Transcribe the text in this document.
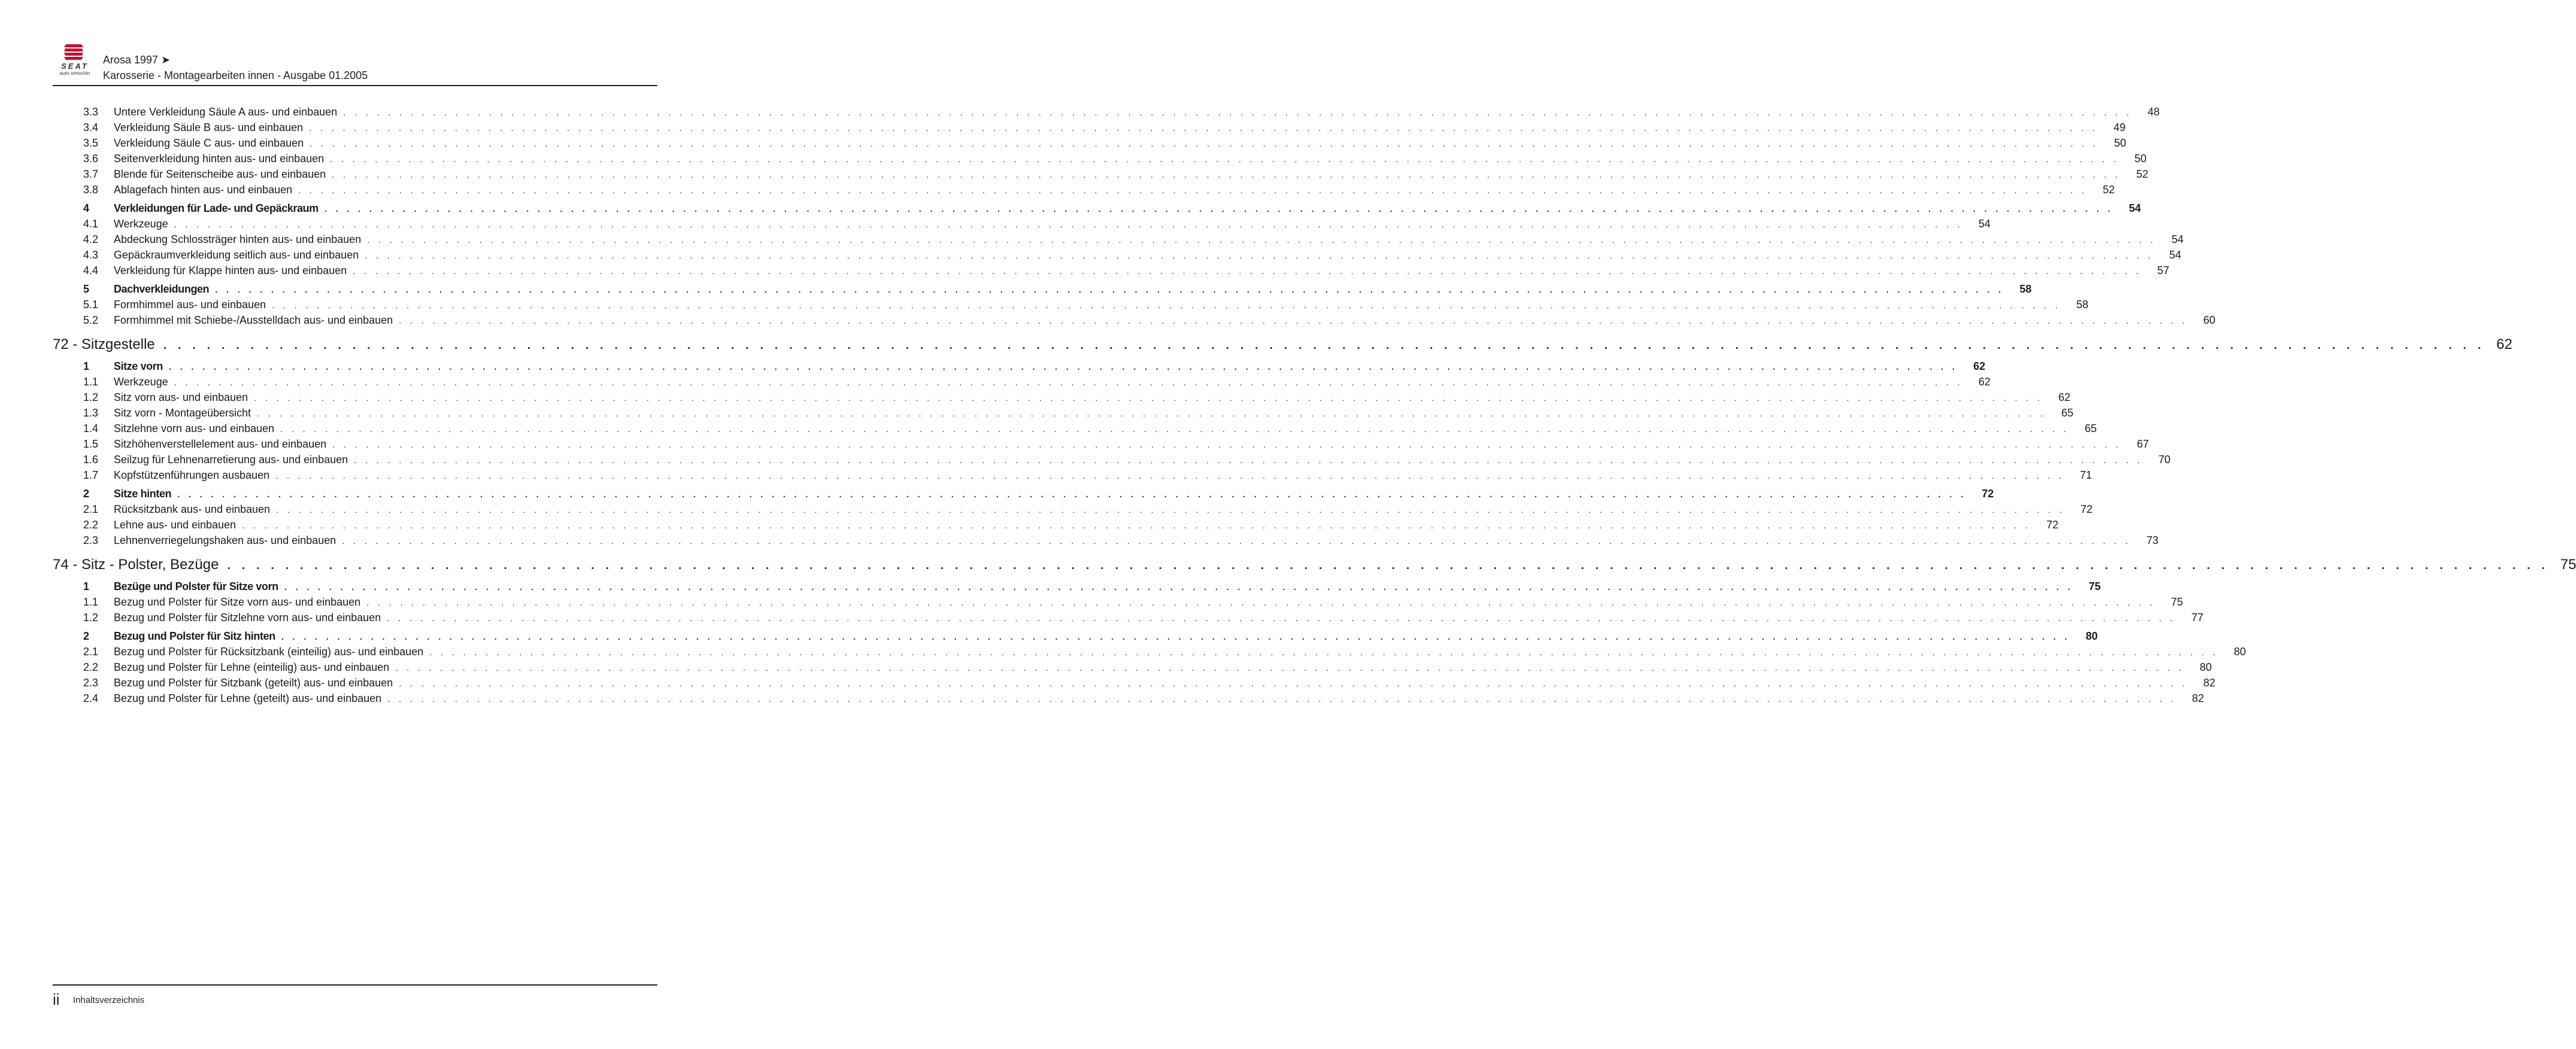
SEAT
auto emoción
Arosa 1997 ➤
Karosserie - Montagearbeiten innen - Ausgabe 01.2005
3.3	Untere Verkleidung Säule A aus- und einbauen . . . . . . . . . . . . . . . . . . . . . . . . . . . . . . . . . . . . . . . . . . . . . . . . . . . . . . . . . . . . . . . . . . . . . . . . . . . . . . . . . . . . . . . . . . . . . . . . . . . . . . . . . . . . . . . . . . . . . . . . . . . . . . . . . . . . . . . . . . . . . . . . . . . . . . . . . . . . . . . .	48
3.4	Verkleidung Säule B aus- und einbauen . . . . . . . . . . . . . . . . . . . . . . . . . . . . . . . . . . . . . . . . . . . . . . . . . . . . . . . . . . . . . . . . . . . . . . . . . . . . . . . . . . . . . . . . . . . . . . . . . . . . . . . . . . . . . . . . . . . . . . . . . . . . . . . . . . . . . . . . . . . . . . . . . . . . . . . . . . . . . . . .	49
3.5	Verkleidung Säule C aus- und einbauen . . . . . . . . . . . . . . . . . . . . . . . . . . . . . . . . . . . . . . . . . . . . . . . . . . . . . . . . . . . . . . . . . . . . . . . . . . . . . . . . . . . . . . . . . . . . . . . . . . . . . . . . . . . . . . . . . . . . . . . . . . . . . . . . . . . . . . . . . . . . . . . . . . . . . . . . . . . . . . . .	50
3.6	Seitenverkleidung hinten aus- und einbauen . . . . . . . . . . . . . . . . . . . . . . . . . . . . . . . . . . . . . . . . . . . . . . . . . . . . . . . . . . . . . . . . . . . . . . . . . . . . . . . . . . . . . . . . . . . . . . . . . . . . . . . . . . . . . . . . . . . . . . . . . . . . . . . . . . . . . . . . . . . . . . . . . . . . . . . . . . . . . . . .	50
3.7	Blende für Seitenscheibe aus- und einbauen . . . . . . . . . . . . . . . . . . . . . . . . . . . . . . . . . . . . . . . . . . . . . . . . . . . . . . . . . . . . . . . . . . . . . . . . . . . . . . . . . . . . . . . . . . . . . . . . . . . . . . . . . . . . . . . . . . . . . . . . . . . . . . . . . . . . . . . . . . . . . . . . . . . . . . . . . . . . . . . .	52
3.8	Ablagefach hinten aus- und einbauen . . . . . . . . . . . . . . . . . . . . . . . . . . . . . . . . . . . . . . . . . . . . . . . . . . . . . . . . . . . . . . . . . . . . . . . . . . . . . . . . . . . . . . . . . . . . . . . . . . . . . . . . . . . . . . . . . . . . . . . . . . . . . . . . . . . . . . . . . . . . . . . . . . . . . . . . . . . . . . . .	52
4	Verkleidungen für Lade- und Gepäckraum . . . . . . . . . . . . . . . . . . . . . . . . . . . . . . . . . . . . . . . . . . . . . . . . . . . . . . . . . . . . . . . . . . . . . . . . . . . . . . . . . . . . . . . . . . . . . . . . . . . . . . . . . . . . . . . . . . . . . . . . . . . . . . . . . . . . . . . . . . . . . . . . . . . . . . . . . . . . . . . .	54
4.1	Werkzeuge . . . . . . . . . . . . . . . . . . . . . . . . . . . . . . . . . . . . . . . . . . . . . . . . . . . . . . . . . . . . . . . . . . . . . . . . . . . . . . . . . . . . . . . . . . . . . . . . . . . . . . . . . . . . . . . . . . . . . . . . . . . . . . . . . . . . . . . . . . . . . . . . . . . . . . . . . . . . . . . .	54
4.2	Abdeckung Schlossträger hinten aus- und einbauen . . . . . . . . . . . . . . . . . . . . . . . . . . . . . . . . . . . . . . . . . . . . . . . . . . . . . . . . . . . . . . . . . . . . . . . . . . . . . . . . . . . . . . . . . . . . . . . . . . . . . . . . . . . . . . . . . . . . . . . . . . . . . . . . . . . . . . . . . . . . . . . . . . . . . . . . . . . . . . . .	54
4.3	Gepäckraumverkleidung seitlich aus- und einbauen . . . . . . . . . . . . . . . . . . . . . . . . . . . . . . . . . . . . . . . . . . . . . . . . . . . . . . . . . . . . . . . . . . . . . . . . . . . . . . . . . . . . . . . . . . . . . . . . . . . . . . . . . . . . . . . . . . . . . . . . . . . . . . . . . . . . . . . . . . . . . . . . . . . . . . . . . . . . . . . .	54
4.4	Verkleidung für Klappe hinten aus- und einbauen . . . . . . . . . . . . . . . . . . . . . . . . . . . . . . . . . . . . . . . . . . . . . . . . . . . . . . . . . . . . . . . . . . . . . . . . . . . . . . . . . . . . . . . . . . . . . . . . . . . . . . . . . . . . . . . . . . . . . . . . . . . . . . . . . . . . . . . . . . . . . . . . . . . . . . . . . . . . . . . .	57
5	Dachverkleidungen . . . . . . . . . . . . . . . . . . . . . . . . . . . . . . . . . . . . . . . . . . . . . . . . . . . . . . . . . . . . . . . . . . . . . . . . . . . . . . . . . . . . . . . . . . . . . . . . . . . . . . . . . . . . . . . . . . . . . . . . . . . . . . . . . . . . . . . . . . . . . . . . . . . . . . . . . . . . . . . .	58
5.1	Formhimmel aus- und einbauen . . . . . . . . . . . . . . . . . . . . . . . . . . . . . . . . . . . . . . . . . . . . . . . . . . . . . . . . . . . . . . . . . . . . . . . . . . . . . . . . . . . . . . . . . . . . . . . . . . . . . . . . . . . . . . . . . . . . . . . . . . . . . . . . . . . . . . . . . . . . . . . . . . . . . . . . . . . . . . . .	58
5.2	Formhimmel mit Schiebe-/Ausstelldach aus- und einbauen . . . . . . . . . . . . . . . . . . . . . . . . . . . . . . . . . . . . . . . . . . . . . . . . . . . . . . . . . . . . . . . . . . . . . . . . . . . . . . . . . . . . . . . . . . . . . . . . . . . . . . . . . . . . . . . . . . . . . . . . . . . . . . . . . . . . . . . . . . . . . . . . . . . . . . . . . . . . . . . .	60
72 - Sitzgestelle . . . . . . . . . . . . . . . . . . . . . . . . . . . . . . . . . . . . . . . . . . . . . . . . . . . . . . . . . . . . . . . . . . . . . . . . . . . . . . . . . . . . . . . . . . . . . . . . . . . . . . . . . . . . . . . . . . . . . . . . . . . . . . . . . . . . . . . . . . . . . . . . . . . . . . . . . . . . . . . . 62
1	Sitze vorn . . . . . . . . . . . . . . . . . . . . . . . . . . . . . . . . . . . . . . . . . . . . . . . . . . . . . . . . . . . . . . . . . . . . . . . . . . . . . . . . . . . . . . . . . . . . . . . . . . . . . . . . . . . . . . . . . . . . . . . . . . . . . . . . . . . . . . . . . . . . . . . . . . . . . . . . . . . . . . . .	62
1.1	Werkzeuge . . . . . . . . . . . . . . . . . . . . . . . . . . . . . . . . . . . . . . . . . . . . . . . . . . . . . . . . . . . . . . . . . . . . . . . . . . . . . . . . . . . . . . . . . . . . . . . . . . . . . . . . . . . . . . . . . . . . . . . . . . . . . . . . . . . . . . . . . . . . . . . . . . . . . . . . . . . . . . . .	62
1.2	Sitz vorn aus- und einbauen . . . . . . . . . . . . . . . . . . . . . . . . . . . . . . . . . . . . . . . . . . . . . . . . . . . . . . . . . . . . . . . . . . . . . . . . . . . . . . . . . . . . . . . . . . . . . . . . . . . . . . . . . . . . . . . . . . . . . . . . . . . . . . . . . . . . . . . . . . . . . . . . . . . . . . . . . . . . . . . .	62
1.3	Sitz vorn - Montageübersicht . . . . . . . . . . . . . . . . . . . . . . . . . . . . . . . . . . . . . . . . . . . . . . . . . . . . . . . . . . . . . . . . . . . . . . . . . . . . . . . . . . . . . . . . . . . . . . . . . . . . . . . . . . . . . . . . . . . . . . . . . . . . . . . . . . . . . . . . . . . . . . . . . . . . . . . . . . . . . . . .	65
1.4	Sitzlehne vorn aus- und einbauen . . . . . . . . . . . . . . . . . . . . . . . . . . . . . . . . . . . . . . . . . . . . . . . . . . . . . . . . . . . . . . . . . . . . . . . . . . . . . . . . . . . . . . . . . . . . . . . . . . . . . . . . . . . . . . . . . . . . . . . . . . . . . . . . . . . . . . . . . . . . . . . . . . . . . . . . . . . . . . . .	65
1.5	Sitzhöhenverstellelement aus- und einbauen . . . . . . . . . . . . . . . . . . . . . . . . . . . . . . . . . . . . . . . . . . . . . . . . . . . . . . . . . . . . . . . . . . . . . . . . . . . . . . . . . . . . . . . . . . . . . . . . . . . . . . . . . . . . . . . . . . . . . . . . . . . . . . . . . . . . . . . . . . . . . . . . . . . . . . . . . . . . . . . .	67
1.6	Seilzug für Lehnenarretierung aus- und einbauen . . . . . . . . . . . . . . . . . . . . . . . . . . . . . . . . . . . . . . . . . . . . . . . . . . . . . . . . . . . . . . . . . . . . . . . . . . . . . . . . . . . . . . . . . . . . . . . . . . . . . . . . . . . . . . . . . . . . . . . . . . . . . . . . . . . . . . . . . . . . . . . . . . . . . . . . . . . . . . . .	70
1.7	Kopfstützenführungen ausbauen . . . . . . . . . . . . . . . . . . . . . . . . . . . . . . . . . . . . . . . . . . . . . . . . . . . . . . . . . . . . . . . . . . . . . . . . . . . . . . . . . . . . . . . . . . . . . . . . . . . . . . . . . . . . . . . . . . . . . . . . . . . . . . . . . . . . . . . . . . . . . . . . . . . . . . . . . . . . . . . .	71
2	Sitze hinten . . . . . . . . . . . . . . . . . . . . . . . . . . . . . . . . . . . . . . . . . . . . . . . . . . . . . . . . . . . . . . . . . . . . . . . . . . . . . . . . . . . . . . . . . . . . . . . . . . . . . . . . . . . . . . . . . . . . . . . . . . . . . . . . . . . . . . . . . . . . . . . . . . . . . . . . . . . . . . . .	72
2.1	Rücksitzbank aus- und einbauen . . . . . . . . . . . . . . . . . . . . . . . . . . . . . . . . . . . . . . . . . . . . . . . . . . . . . . . . . . . . . . . . . . . . . . . . . . . . . . . . . . . . . . . . . . . . . . . . . . . . . . . . . . . . . . . . . . . . . . . . . . . . . . . . . . . . . . . . . . . . . . . . . . . . . . . . . . . . . . . .	72
2.2	Lehne aus- und einbauen . . . . . . . . . . . . . . . . . . . . . . . . . . . . . . . . . . . . . . . . . . . . . . . . . . . . . . . . . . . . . . . . . . . . . . . . . . . . . . . . . . . . . . . . . . . . . . . . . . . . . . . . . . . . . . . . . . . . . . . . . . . . . . . . . . . . . . . . . . . . . . . . . . . . . . . . . . . . . . . .	72
2.3	Lehnenverriegelungshaken aus- und einbauen . . . . . . . . . . . . . . . . . . . . . . . . . . . . . . . . . . . . . . . . . . . . . . . . . . . . . . . . . . . . . . . . . . . . . . . . . . . . . . . . . . . . . . . . . . . . . . . . . . . . . . . . . . . . . . . . . . . . . . . . . . . . . . . . . . . . . . . . . . . . . . . . . . . . . . . . . . . . . . . .	73
74 - Sitz - Polster, Bezüge . . . . . . . . . . . . . . . . . . . . . . . . . . . . . . . . . . . . . . . . . . . . . . . . . . . . . . . . . . . . . . . . . . . . . . . . . . . . . . . . . . . . . . . . . . . . . . . . . . . . . . . . . . . . . . . . . . . . . . . . . . . . . . . . . . . . . . . . . . . . . . . . . . . . . . . . . . . . . . . . 75
1	Bezüge und Polster für Sitze vorn . . . . . . . . . . . . . . . . . . . . . . . . . . . . . . . . . . . . . . . . . . . . . . . . . . . . . . . . . . . . . . . . . . . . . . . . . . . . . . . . . . . . . . . . . . . . . . . . . . . . . . . . . . . . . . . . . . . . . . . . . . . . . . . . . . . . . . . . . . . . . . . . . . . . . . . . . . . . . . . .	75
1.1	Bezug und Polster für Sitze vorn aus- und einbauen . . . . . . . . . . . . . . . . . . . . . . . . . . . . . . . . . . . . . . . . . . . . . . . . . . . . . . . . . . . . . . . . . . . . . . . . . . . . . . . . . . . . . . . . . . . . . . . . . . . . . . . . . . . . . . . . . . . . . . . . . . . . . . . . . . . . . . . . . . . . . . . . . . . . . . . . . . . . . . . .	75
1.2	Bezug und Polster für Sitzlehne vorn aus- und einbauen . . . . . . . . . . . . . . . . . . . . . . . . . . . . . . . . . . . . . . . . . . . . . . . . . . . . . . . . . . . . . . . . . . . . . . . . . . . . . . . . . . . . . . . . . . . . . . . . . . . . . . . . . . . . . . . . . . . . . . . . . . . . . . . . . . . . . . . . . . . . . . . . . . . . . . . . . . . . . . . .	77
2	Bezug und Polster für Sitz hinten . . . . . . . . . . . . . . . . . . . . . . . . . . . . . . . . . . . . . . . . . . . . . . . . . . . . . . . . . . . . . . . . . . . . . . . . . . . . . . . . . . . . . . . . . . . . . . . . . . . . . . . . . . . . . . . . . . . . . . . . . . . . . . . . . . . . . . . . . . . . . . . . . . . . . . . . . . . . . . . .	80
2.1	Bezug und Polster für Rücksitzbank (einteilig) aus- und einbauen . . . . . . . . . . . . . . . . . . . . . . . . . . . . . . . . . . . . . . . . . . . . . . . . . . . . . . . . . . . . . . . . . . . . . . . . . . . . . . . . . . . . . . . . . . . . . . . . . . . . . . . . . . . . . . . . . . . . . . . . . . . . . . . . . . . . . . . . . . . . . . . . . . . . . . . . . . . . . . . .	80
2.2	Bezug und Polster für Lehne (einteilig) aus- und einbauen . . . . . . . . . . . . . . . . . . . . . . . . . . . . . . . . . . . . . . . . . . . . . . . . . . . . . . . . . . . . . . . . . . . . . . . . . . . . . . . . . . . . . . . . . . . . . . . . . . . . . . . . . . . . . . . . . . . . . . . . . . . . . . . . . . . . . . . . . . . . . . . . . . . . . . . . . . . . . . . .	80
2.3	Bezug und Polster für Sitzbank (geteilt) aus- und einbauen . . . . . . . . . . . . . . . . . . . . . . . . . . . . . . . . . . . . . . . . . . . . . . . . . . . . . . . . . . . . . . . . . . . . . . . . . . . . . . . . . . . . . . . . . . . . . . . . . . . . . . . . . . . . . . . . . . . . . . . . . . . . . . . . . . . . . . . . . . . . . . . . . . . . . . . . . . . . . . . .	82
2.4	Bezug und Polster für Lehne (geteilt) aus- und einbauen . . . . . . . . . . . . . . . . . . . . . . . . . . . . . . . . . . . . . . . . . . . . . . . . . . . . . . . . . . . . . . . . . . . . . . . . . . . . . . . . . . . . . . . . . . . . . . . . . . . . . . . . . . . . . . . . . . . . . . . . . . . . . . . . . . . . . . . . . . . . . . . . . . . . . . . . . . . . . . . .	82
ii Inhaltsverzeichnis
